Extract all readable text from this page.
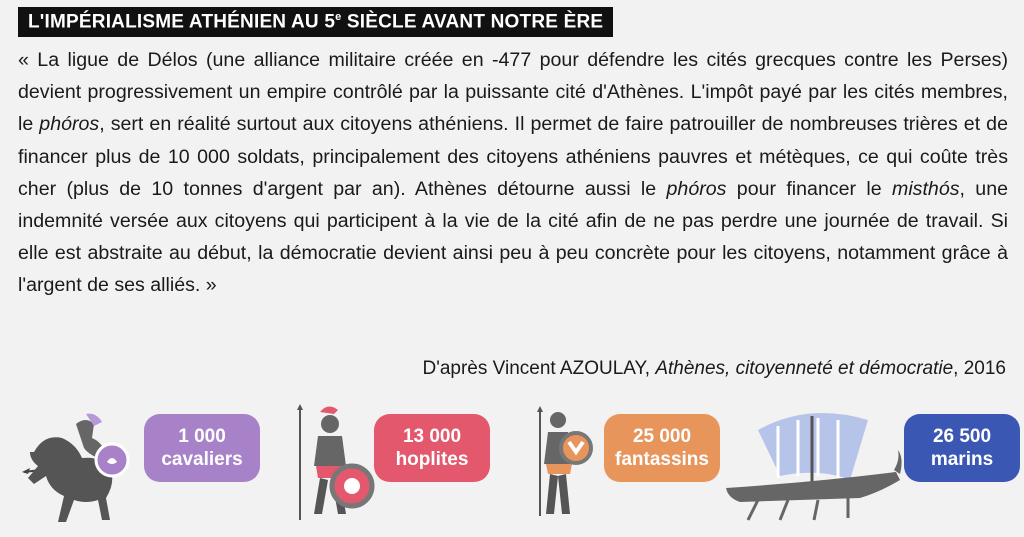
L'IMPÉRIALISME ATHÉNIEN AU 5e SIÈCLE AVANT NOTRE ÈRE

« La ligue de Délos (une alliance militaire créée en -477 pour défendre les cités grecques contre les Perses) devient progressivement un empire contrôlé par la puissante cité d'Athènes. L'impôt payé par les cités membres, le phóros, sert en réalité surtout aux citoyens athéniens. Il permet de faire patrouiller de nombreuses trières et de financer plus de 10 000 soldats, principalement des citoyens athéniens pauvres et métèques, ce qui coûte très cher (plus de 10 tonnes d'argent par an). Athènes détourne aussi le phóros pour financer le misthós, une indemnité versée aux citoyens qui participent à la vie de la cité afin de ne pas perdre une journée de travail. Si elle est abstraite au début, la démocratie devient ainsi peu à peu concrète pour les citoyens, notamment grâce à l'argent de ses alliés. »

D'après Vincent AZOULAY, Athènes, citoyenneté et démocratie, 2016
1 000
cavaliers
13 000
hoplites
25 000
fantassins
26 500
marins
